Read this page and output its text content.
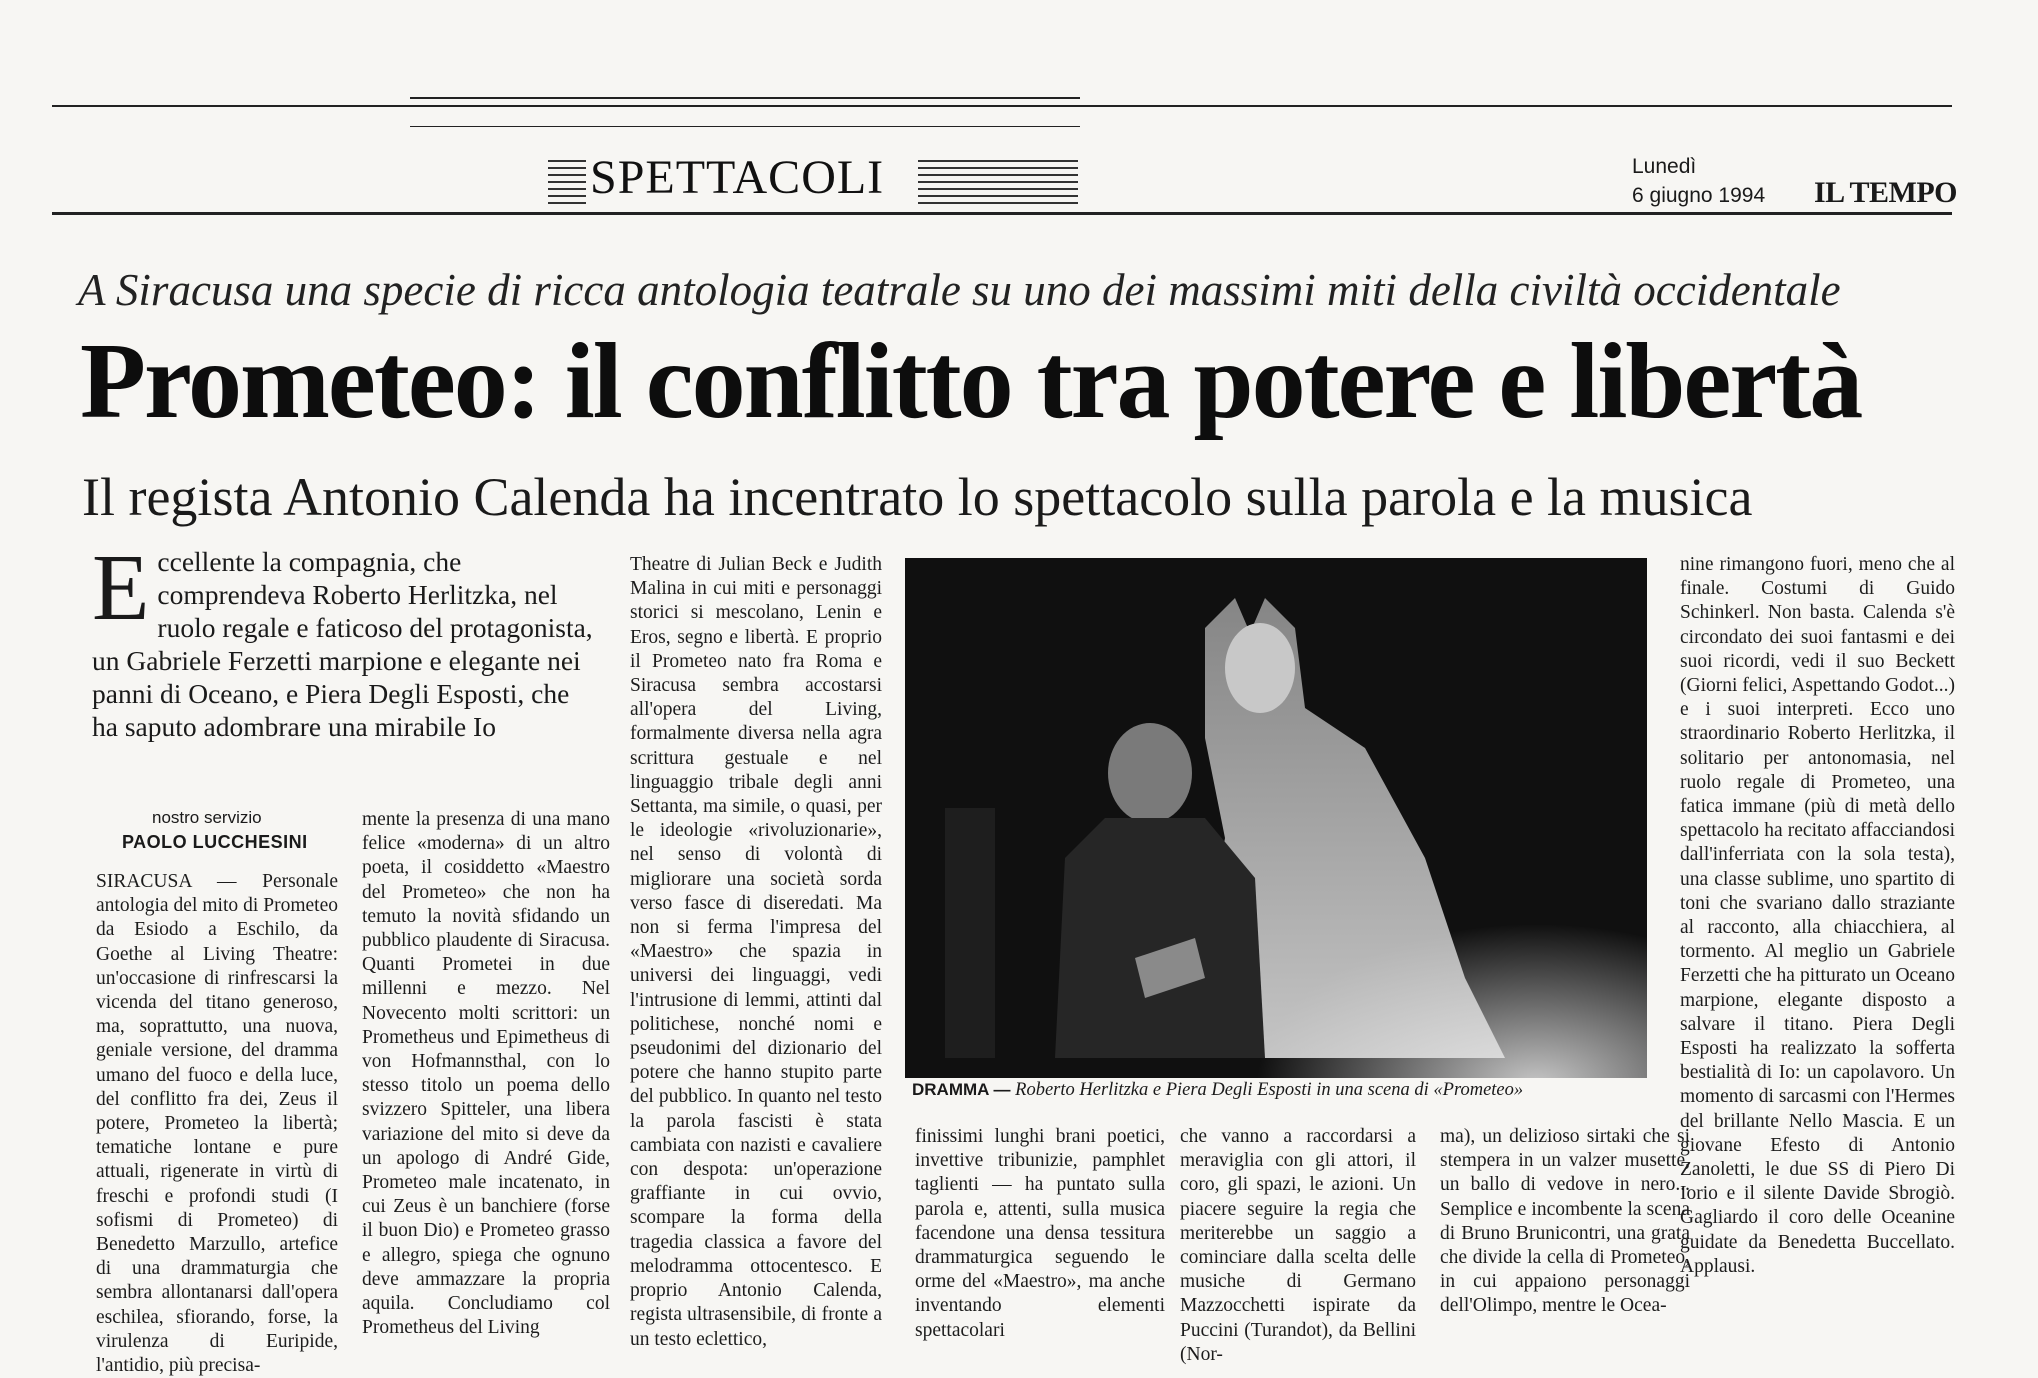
SPETTACOLI	Lunedì
6 giugno 1994 IL TEMPO
A Siracusa una specie di ricca antologia teatrale su uno dei massimi miti della civiltà occidentale
Prometeo: il conflitto tra potere e libertà
Il regista Antonio Calenda ha incentrato lo spettacolo sulla parola e la musica
Eccellente la compagnia, che comprendeva Roberto Herlitzka, nel ruolo regale e faticoso del protagonista, un Gabriele Ferzetti marpione e elegante nei panni di Oceano, e Piera Degli Esposti, che ha saputo adombrare una mirabile Io
nostro servizio
PAOLO LUCCHESINI
SIRACUSA — Personale antologia del mito di Prometeo da Esiodo a Eschilo, da Goethe al Living Theatre: un'occasione di rinfrescarsi la vicenda del titano generoso, ma, soprattutto, una nuova, geniale versione, del dramma umano del fuoco e della luce, del conflitto fra dei, Zeus il potere, Prometeo la libertà; tematiche lontane e pure attuali, rigenerate in virtù di freschi e profondi studi (I sofismi di Prometeo) di Benedetto Marzullo, artefice di una drammaturgia che sembra allontanarsi dall'opera eschilea, sfiorando, forse, la virulenza di Euripide, l'antidio, più precisa-
mente la presenza di una mano felice «moderna» di un altro poeta, il cosiddetto «Maestro del Prometeo» che non ha temuto la novità sfidando un pubblico plaudente di Siracusa. Quanti Prometei in due millenni e mezzo. Nel Novecento molti scrittori: un Prometheus und Epimetheus di von Hofmannsthal, con lo stesso titolo un poema dello svizzero Spitteler, una libera variazione del mito si deve da un apologo di André Gide, Prometeo male incatenato, in cui Zeus è un banchiere (forse il buon Dio) e Prometeo grasso e allegro, spiega che ognuno deve ammazzare la propria aquila. Concludiamo col Prometheus del Living
Theatre di Julian Beck e Judith Malina in cui miti e personaggi storici si mescolano, Lenin e Eros, segno e libertà. E proprio il Prometeo nato fra Roma e Siracusa sembra accostarsi all'opera del Living, formalmente diversa nella agra scrittura gestuale e nel linguaggio tribale degli anni Settanta, ma simile, o quasi, per le ideologie «rivoluzionarie», nel senso di volontà di migliorare una società sorda verso fasce di diseredati. Ma non si ferma l'impresa del «Maestro» che spazia in universi dei linguaggi, vedi l'intrusione di lemmi, attinti dal politichese, nonché nomi e pseudonimi del dizionario del potere che hanno stupito parte del pubblico. In quanto nel testo la parola fascisti è stata cambiata con nazisti e cavaliere con despota: un'operazione graffiante in cui ovvio, scompare la forma della tragedia classica a favore del melodramma ottocentesco. E proprio Antonio Calenda, regista ultrasensibile, di fronte a un testo eclettico,
finissimi lunghi brani poetici, invettive tribunizie, pamphlet taglienti — ha puntato sulla parola e, attenti, sulla musica facendone una densa tessitura drammaturgica seguendo le orme del «Maestro», ma anche inventando elementi spettacolari
che vanno a raccordarsi a meraviglia con gli attori, il coro, gli spazi, le azioni. Un piacere seguire la regia che meriterebbe un saggio a cominciare dalla scelta delle musiche di Germano Mazzocchetti ispirate da Puccini (Turandot), da Bellini (Nor-
ma), un delizioso sirtaki che si stempera in un valzer musette, un ballo di vedove in nero... Semplice e incombente la scena di Bruno Brunicontri, una grata che divide la cella di Prometeo, in cui appaiono personaggi dell'Olimpo, mentre le Ocea-
nine rimangono fuori, meno che al finale. Costumi di Guido Schinkerl. Non basta. Calenda s'è circondato dei suoi fantasmi e dei suoi ricordi, vedi il suo Beckett (Giorni felici, Aspettando Godot...) e i suoi interpreti. Ecco uno straordinario Roberto Herlitzka, il solitario per antonomasia, nel ruolo regale di Prometeo, una fatica immane (più di metà dello spettacolo ha recitato affacciandosi dall'inferriata con la sola testa), una classe sublime, uno spartito di toni che svariano dallo straziante al racconto, alla chiacchiera, al tormento. Al meglio un Gabriele Ferzetti che ha pitturato un Oceano marpione, elegante disposto a salvare il titano. Piera Degli Esposti ha realizzato la sofferta bestialità di Io: un capolavoro. Un momento di sarcasmi con l'Hermes del brillante Nello Mascia. E un giovane Efesto di Antonio Zanoletti, le due SS di Piero Di Iorio e il silente Davide Sbrogiò. Gagliardo il coro delle Oceanine guidate da Benedetta Buccellato. Applausi.
DRAMMA — Roberto Herlitzka e Piera Degli Esposti in una scena di «Prometeo»
